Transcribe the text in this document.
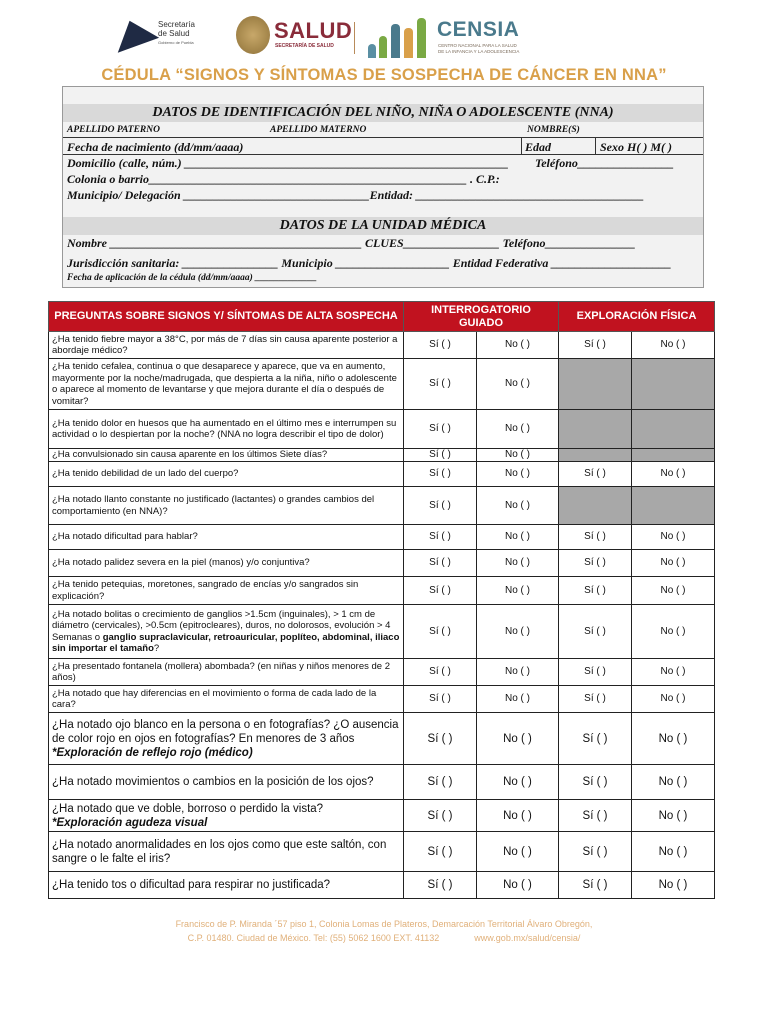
Secretaría
de Salud
Gobierno de Puebla	SALUD
SECRETARÍA DE SALUD
CENSIA
CENTRO NACIONAL PARA LA SALUD
DE LA INFANCIA Y LA ADOLESCENCIA
CÉDULA “SIGNOS Y SÍNTOMAS DE SOSPECHA DE CÁNCER EN NNA”
DATOS DE IDENTIFICACIÓN DEL NIÑO, NIÑA O ADOLESCENTE (NNA)
APELLIDO PATERNO	APELLIDO MATERNO	NOMBRE(S)
Fecha de nacimiento (dd/mm/aaaa)	Edad	Sexo H( ) M( )
Domicilio (calle, núm.) ______________________________________________________ Teléfono________________
Colonia o barrio_____________________________________________________ . C.P.:
Municipio/ Delegación _______________________________Entidad: ______________________________________
DATOS DE LA UNIDAD MÉDICA
Nombre __________________________________________ CLUES________________ Teléfono_______________
Jurisdicción sanitaria: ________________ Municipio ___________________ Entidad Federativa ____________________
Fecha de aplicación de la cédula (dd/mm/aaaa) _____________
PREGUNTAS SOBRE SIGNOS Y/ SÍNTOMAS DE ALTA SOSPECHA	INTERROGATORIO GUIADO		EXPLORACIÓN FÍSICA	
¿Ha tenido fiebre mayor a 38°C, por más de 7 días sin causa aparente posterior a abordaje médico?	Sí ( )	No ( )	Sí ( )	No ( )
¿Ha tenido cefalea, continua o que desaparece y aparece, que va en aumento, mayormente por la noche/madrugada, que despierta a la niña, niño o adolescente o aparece al momento de levantarse y que mejora durante el día o después de vomitar?	Sí ( )	No ( )		
¿Ha tenido dolor en huesos que ha aumentado en el último mes e interrumpen su actividad o lo despiertan por la noche? (NNA no logra describir el tipo de dolor)	Sí ( )	No ( )		
¿Ha convulsionado sin causa aparente en los últimos Siete días?	Sí ( )	No ( )		
¿Ha tenido debilidad de un lado del cuerpo?	Sí ( )	No ( )	Sí ( )	No ( )
¿Ha notado llanto constante no justificado (lactantes) o grandes cambios del comportamiento (en NNA)?	Sí ( )	No ( )		
¿Ha notado dificultad para hablar?	Sí ( )	No ( )	Sí ( )	No ( )
¿Ha notado palidez severa en la piel (manos) y/o conjuntiva?	Sí ( )	No ( )	Sí ( )	No ( )
¿Ha tenido petequias, moretones, sangrado de encías y/o sangrados sin explicación?	Sí ( )	No ( )	Sí ( )	No ( )
¿Ha notado bolitas o crecimiento de ganglios >1.5cm (inguinales), > 1 cm de diámetro (cervicales), >0.5cm (epitrocleares), duros, no dolorosos, evolución > 4 Semanas o ganglio supraclavicular, retroauricular, poplíteo, abdominal, iliaco sin importar el tamaño?	Sí ( )	No ( )	Sí ( )	No ( )
¿Ha presentado fontanela (mollera) abombada? (en niñas y niños menores de 2 años)	Sí ( )	No ( )	Sí ( )	No ( )
¿Ha notado que hay diferencias en el movimiento o forma de cada lado de la cara?	Sí ( )	No ( )	Sí ( )	No ( )
¿Ha notado ojo blanco en la persona o en fotografías? ¿O ausencia de color rojo en ojos en fotografías? En menores de 3 años *Exploración de reflejo rojo (médico)	Sí ( )	No ( )	Sí ( )	No ( )
¿Ha notado movimientos o cambios en la posición de los ojos?	Sí ( )	No ( )	Sí ( )	No ( )
¿Ha notado que ve doble, borroso o perdido la vista?
*Exploración agudeza visual	Sí ( )	No ( )	Sí ( )	No ( )
¿Ha notado anormalidades en los ojos como que este saltón, con sangre o le falte el iris?	Sí ( )	No ( )	Sí ( )	No ( )
¿Ha tenido tos o dificultad para respirar no justificada?	Sí ( )	No ( )	Sí ( )	No ( )
Francisco de P. Miranda ´57 piso 1, Colonia Lomas de Plateros, Demarcación Territorial Álvaro Obregón,
C.P. 01480. Ciudad de México. Tel: (55) 5062 1600 EXT. 41132              www.gob.mx/salud/censia/
